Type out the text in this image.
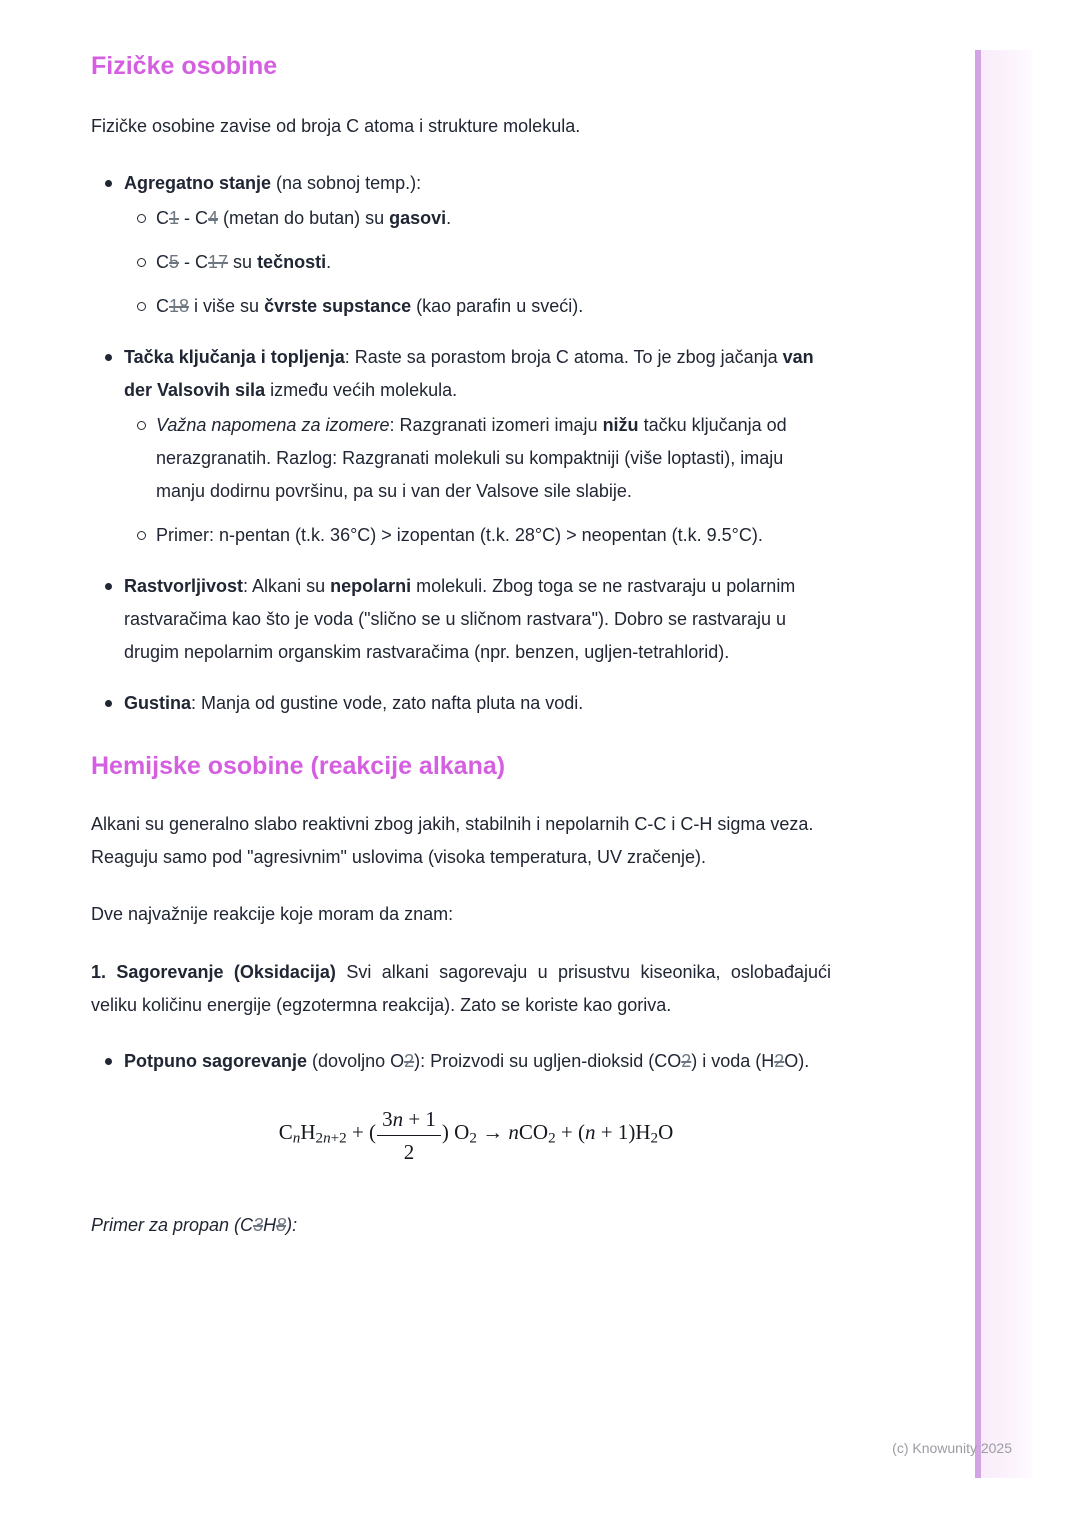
Fizičke osobine

Fizičke osobine zavise od broja C atoma i strukture molekula.

Agregatno stanje (na sobnoj temp.):
C1 - C4 (metan do butan) su gasovi.
C5 - C17 su tečnosti.
C18 i više su čvrste supstance (kao parafin u sveći).
Tačka ključanja i topljenja: Raste sa porastom broja C atoma. To je zbog jačanja van der Valsovih sila između većih molekula.
Važna napomena za izomere: Razgranati izomeri imaju nižu tačku ključanja od nerazgranatih. Razlog: Razgranati molekuli su kompaktniji (više loptasti), imaju manju dodirnu površinu, pa su i van der Valsove sile slabije.
Primer: n-pentan (t.k. 36°C) > izopentan (t.k. 28°C) > neopentan (t.k. 9.5°C).
Rastvorljivost: Alkani su nepolarni molekuli. Zbog toga se ne rastvaraju u polarnim rastvaračima kao što je voda ("slično se u sličnom rastvara"). Dobro se rastvaraju u drugim nepolarnim organskim rastvaračima (npr. benzen, ugljen-tetrahlorid).
Gustina: Manja od gustine vode, zato nafta pluta na vodi.
Hemijske osobine (reakcije alkana)

Alkani su generalno slabo reaktivni zbog jakih, stabilnih i nepolarnih C-C i C-H sigma veza. Reaguju samo pod "agresivnim" uslovima (visoka temperatura, UV zračenje).

Dve najvažnije reakcije koje moram da znam:

1. Sagorevanje (Oksidacija) Svi alkani sagorevaju u prisustvu kiseonika, oslobađajući veliku količinu energije (egzotermna reakcija). Zato se koriste kao goriva.

Potpuno sagorevanje (dovoljno O2): Proizvodi su ugljen-dioksid (CO2) i voda (H2O).
CnH2n+2 + ( $\frac{3n + 1}{2}$ ) O2 → nCO2 + (n + 1)H2O

Primer za propan (C3H8):

(c) Knowunity 2025
